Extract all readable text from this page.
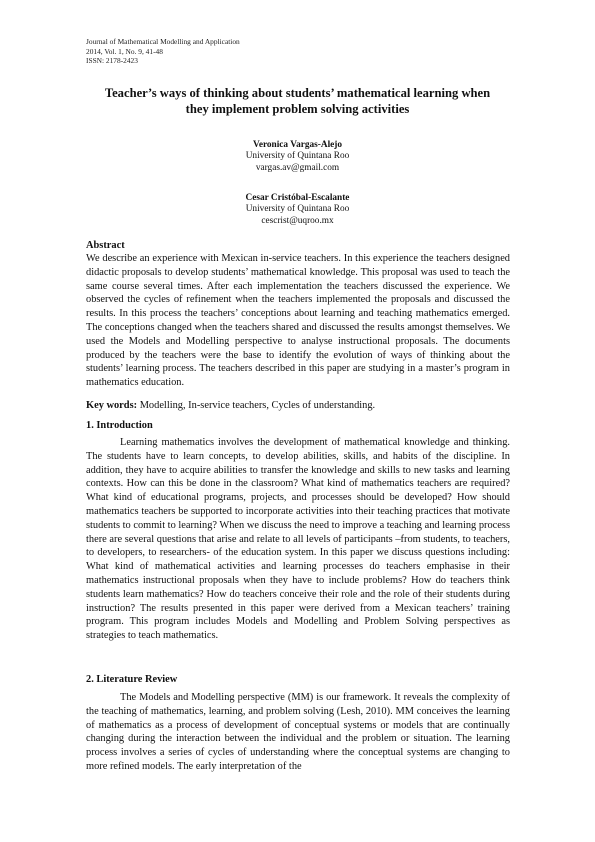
Journal of Mathematical Modelling and Application
2014, Vol. 1, No. 9, 41-48
ISSN: 2178-2423
Teacher’s ways of thinking about students’ mathematical learning when
they implement problem solving activities
Veronica Vargas-Alejo
University of Quintana Roo
vargas.av@gmail.com
Cesar Cristóbal-Escalante
University of Quintana Roo
cescrist@uqroo.mx
Abstract

We describe an experience with Mexican in-service teachers. In this experience the teachers designed didactic proposals to develop students’ mathematical knowledge. This proposal was used to teach the same course several times. After each implementation the teachers discussed the experience. We observed the cycles of refinement when the teachers implemented the proposals and discussed the results. In this process the teachers’ conceptions about learning and teaching mathematics emerged. The conceptions changed when the teachers shared and discussed the results amongst themselves. We used the Models and Modelling perspective to analyse instructional proposals. The documents produced by the teachers were the base to identify the evolution of ways of thinking about the students’ learning process. The teachers described in this paper are studying in a master’s program in mathematics education.

Key words: Modelling, In-service teachers, Cycles of understanding.
1. Introduction

Learning mathematics involves the development of mathematical knowledge and thinking. The students have to learn concepts, to develop abilities, skills, and habits of the discipline. In addition, they have to acquire abilities to transfer the knowledge and skills to new tasks and learning contexts. How can this be done in the classroom? What kind of mathematics teachers are required? What kind of educational programs, projects, and processes should be developed? How should mathematics teachers be supported to incorporate activities into their teaching practices that motivate students to commit to learning? When we discuss the need to improve a teaching and learning process there are several questions that arise and relate to all levels of participants –from students, to teachers, to developers, to researchers- of the education system. In this paper we discuss questions including: What kind of mathematical activities and learning processes do teachers emphasise in their mathematics instructional proposals when they have to include problems? How do teachers think students learn mathematics? How do teachers conceive their role and the role of their students during instruction? The results presented in this paper were derived from a Mexican teachers’ training program. This program includes Models and Modelling and Problem Solving perspectives as strategies to teach mathematics.

2. Literature Review

The Models and Modelling perspective (MM) is our framework. It reveals the complexity of the teaching of mathematics, learning, and problem solving (Lesh, 2010). MM conceives the learning of mathematics as a process of development of conceptual systems or models that are continually changing during the interaction between the individual and the problem or situation. The learning process involves a series of cycles of understanding where the conceptual systems are changing to more refined models. The early interpretation of the
